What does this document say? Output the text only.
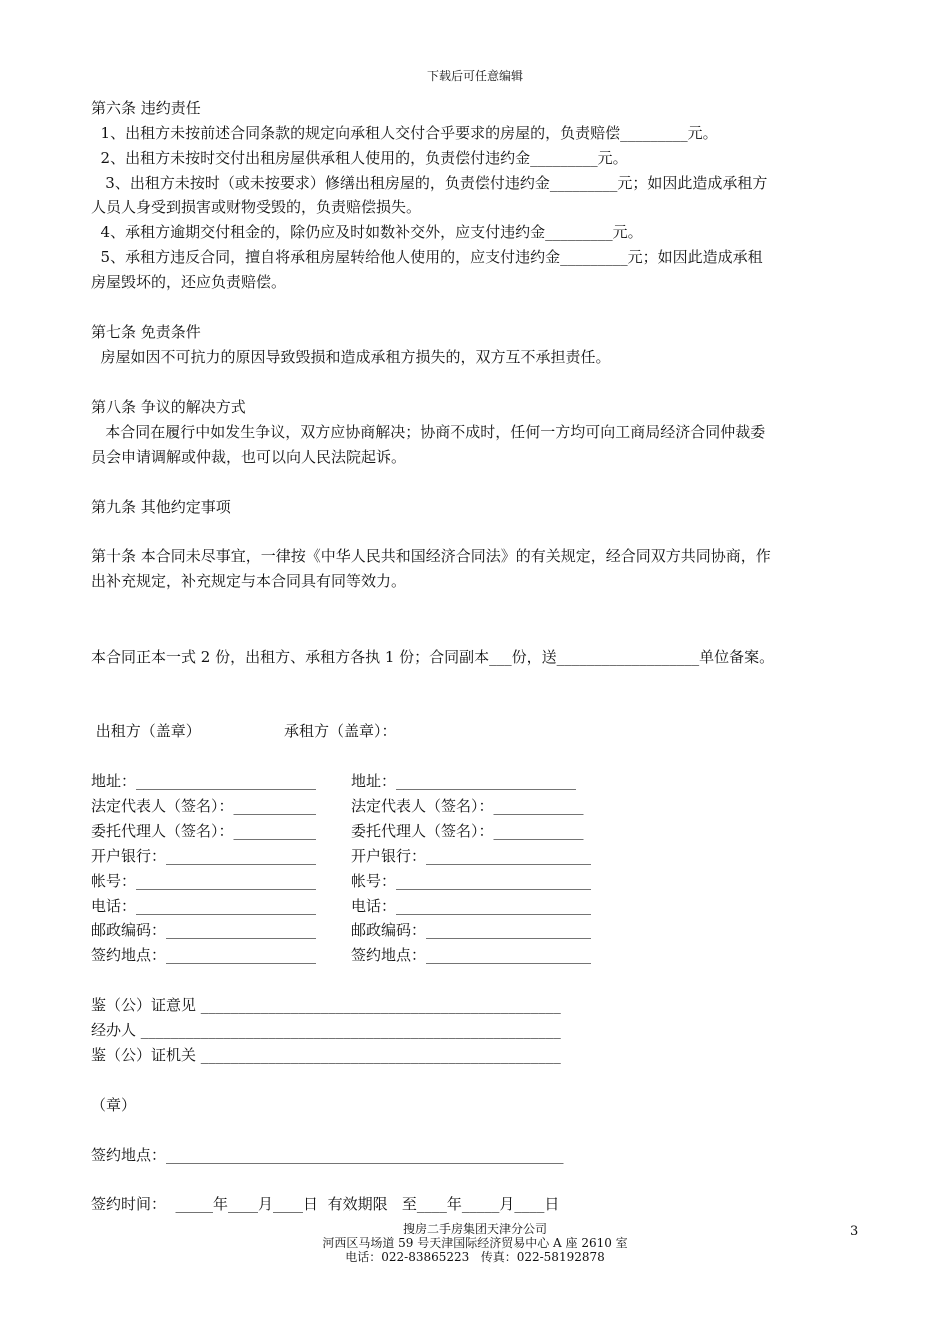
下载后可任意编辑
第六条 违约责任
1、出租方未按前述合同条款的规定向承租人交付合乎要求的房屋的，负责赔偿_________元。
2、出租方未按时交付出租房屋供承租人使用的，负责偿付违约金_________元。
3、出租方未按时（或未按要求）修缮出租房屋的，负责偿付违约金_________元；如因此造成承租方
人员人身受到损害或财物受毁的，负责赔偿损失。
4、承租方逾期交付租金的，除仍应及时如数补交外，应支付违约金_________元。
5、承租方违反合同，擅自将承租房屋转给他人使用的，应支付违约金_________元；如因此造成承租
房屋毁坏的，还应负责赔偿。
第七条 免责条件
房屋如因不可抗力的原因导致毁损和造成承租方损失的，双方互不承担责任。
第八条 争议的解决方式
本合同在履行中如发生争议，双方应协商解决；协商不成时，任何一方均可向工商局经济合同仲裁委
员会申请调解或仲裁，也可以向人民法院起诉。
第九条 其他约定事项
第十条 本合同未尽事宜，一律按《中华人民共和国经济合同法》的有关规定，经合同双方共同协商，作
出补充规定，补充规定与本合同具有同等效力。
本合同正本一式 2 份，出租方、承租方各执 1 份；合同副本___份，送___________________单位备案。
出租方（盖章）	承租方（盖章）：
地址：________________________
法定代表人（签名）：___________
委托代理人（签名）：___________
开户银行：____________________
帐号：________________________
电话：________________________
邮政编码：____________________
签约地点：____________________
地址：________________________
法定代表人（签名）：____________
委托代理人（签名）：____________
开户银行：______________________
帐号：__________________________
电话：__________________________
邮政编码：______________________
签约地点：______________________
鉴（公）证意见 ________________________________________________
经办人 ________________________________________________________
鉴（公）证机关 ________________________________________________
（章）
签约地点：_____________________________________________________
签约时间：  _____年____月____日  有效期限   至____年_____月____日
搜房二手房集团天津分公司
河西区马场道 59 号天津国际经济贸易中心 A 座 2610 室
电话：022-83865223   传真：022-58192878
3
